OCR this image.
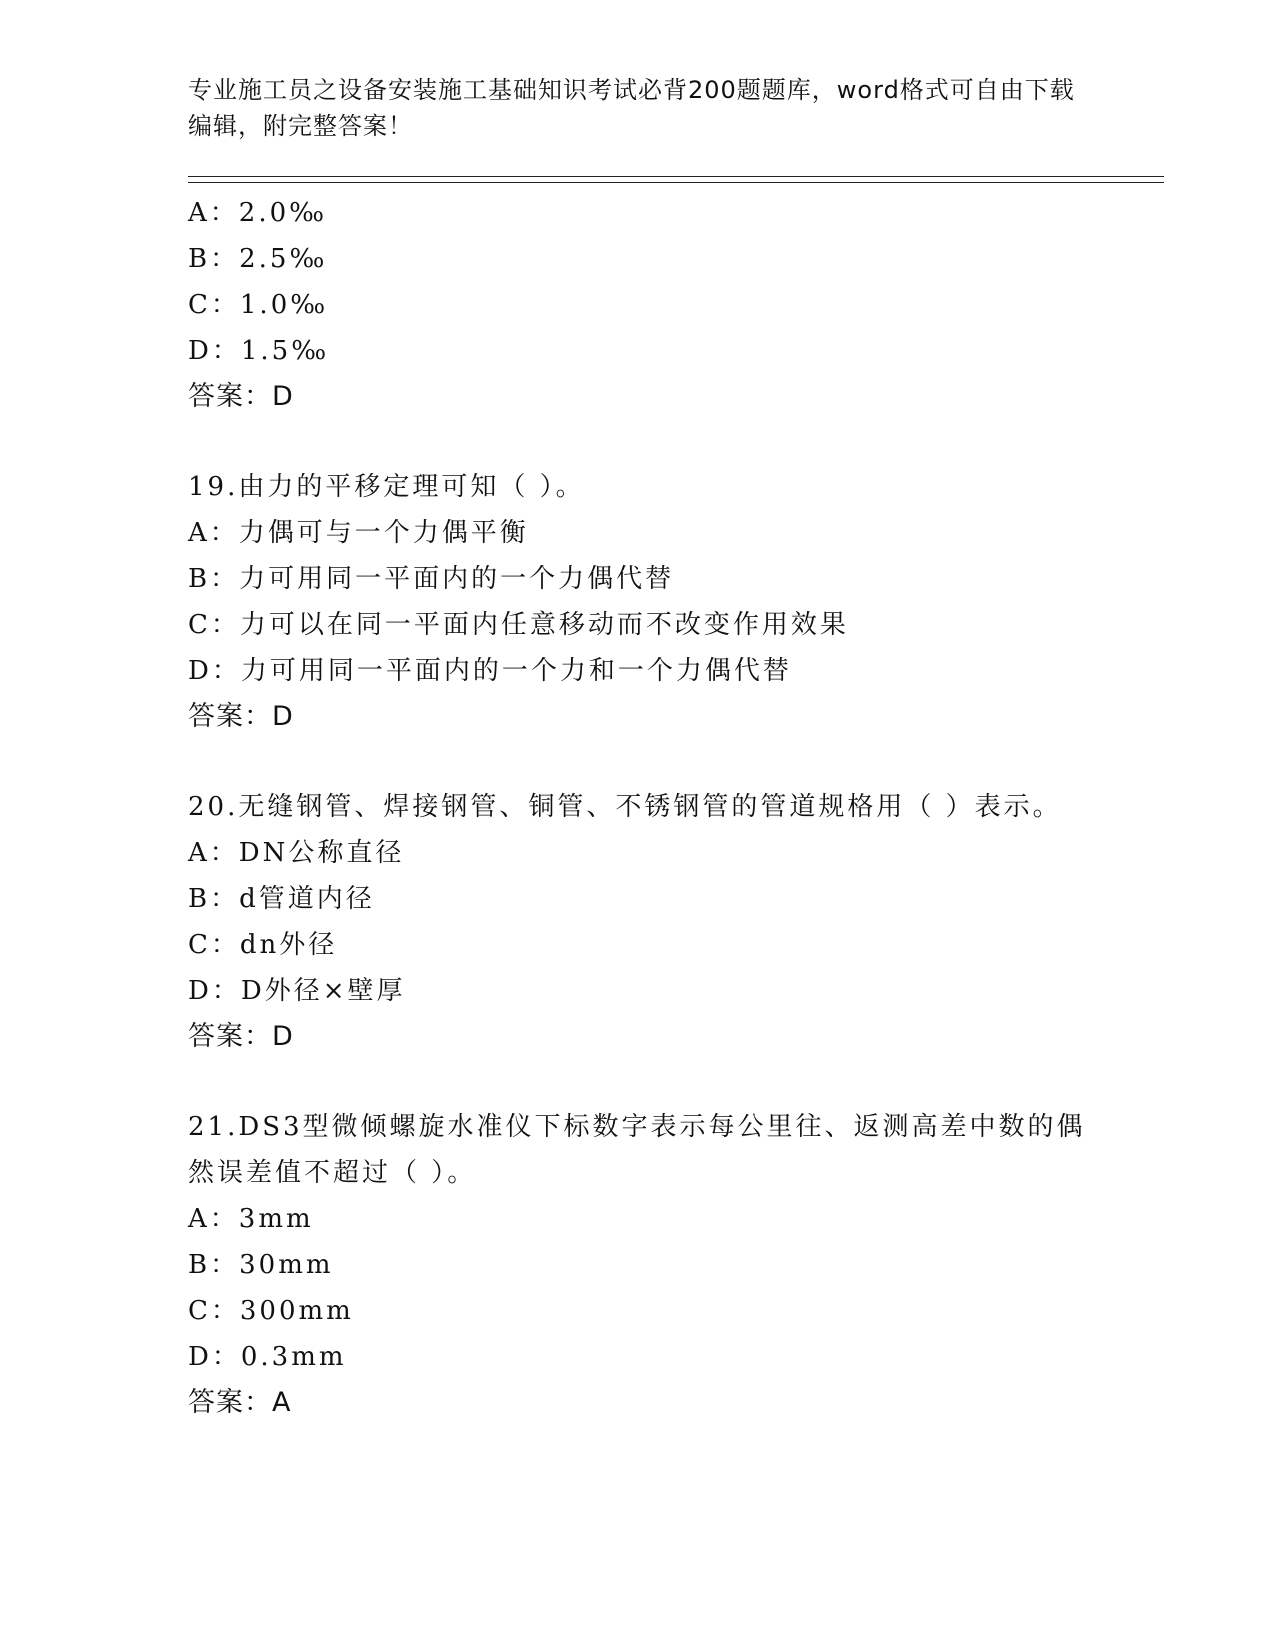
专业施工员之设备安装施工基础知识考试必背200题题库，word格式可自由下载
编辑，附完整答案！
A：2.0‰
B：2.5‰
C：1.0‰
D：1.5‰
答案：D
19.由力的平移定理可知（ ）。
A：力偶可与一个力偶平衡
B：力可用同一平面内的一个力偶代替
C：力可以在同一平面内任意移动而不改变作用效果
D：力可用同一平面内的一个力和一个力偶代替
答案：D
20.无缝钢管、焊接钢管、铜管、不锈钢管的管道规格用（ ）表示。
A：DN公称直径
B：d管道内径
C：dn外径
D：D外径×壁厚
答案：D
21.DS3型微倾螺旋水准仪下标数字表示每公里往、返测高差中数的偶
然误差值不超过（ ）。
A：3mm
B：30mm
C：300mm
D：0.3mm
答案：A
